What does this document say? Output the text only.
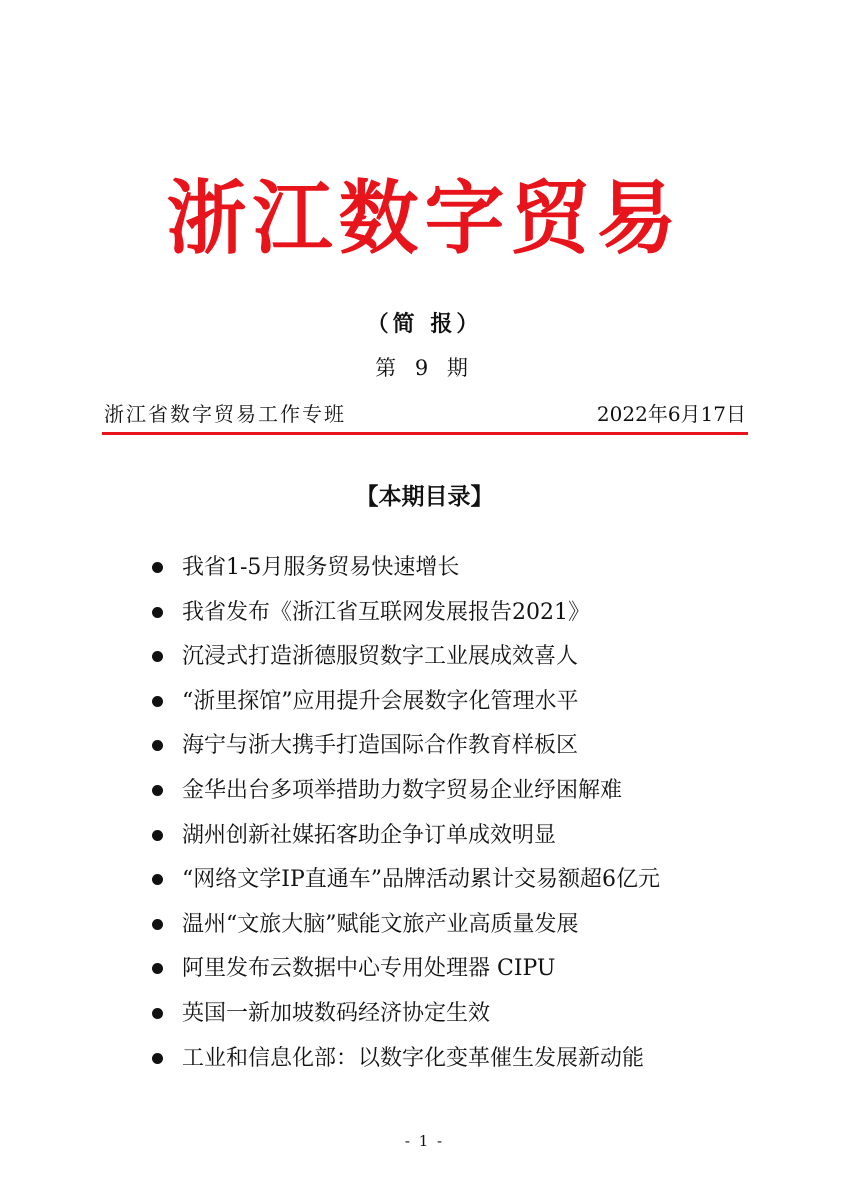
浙江数字贸易
（简 报）
第 9 期
浙江省数字贸易工作专班	2022年6月17日
【本期目录】
我省1-5月服务贸易快速增长
我省发布《浙江省互联网发展报告2021》
沉浸式打造浙德服贸数字工业展成效喜人
“浙里探馆”应用提升会展数字化管理水平
海宁与浙大携手打造国际合作教育样板区
金华出台多项举措助力数字贸易企业纾困解难
湖州创新社媒拓客助企争订单成效明显
“网络文学IP直通车”品牌活动累计交易额超6亿元
温州“文旅大脑”赋能文旅产业高质量发展
阿里发布云数据中心专用处理器 CIPU
英国一新加坡数码经济协定生效
工业和信息化部：以数字化变革催生发展新动能
- 1 -
